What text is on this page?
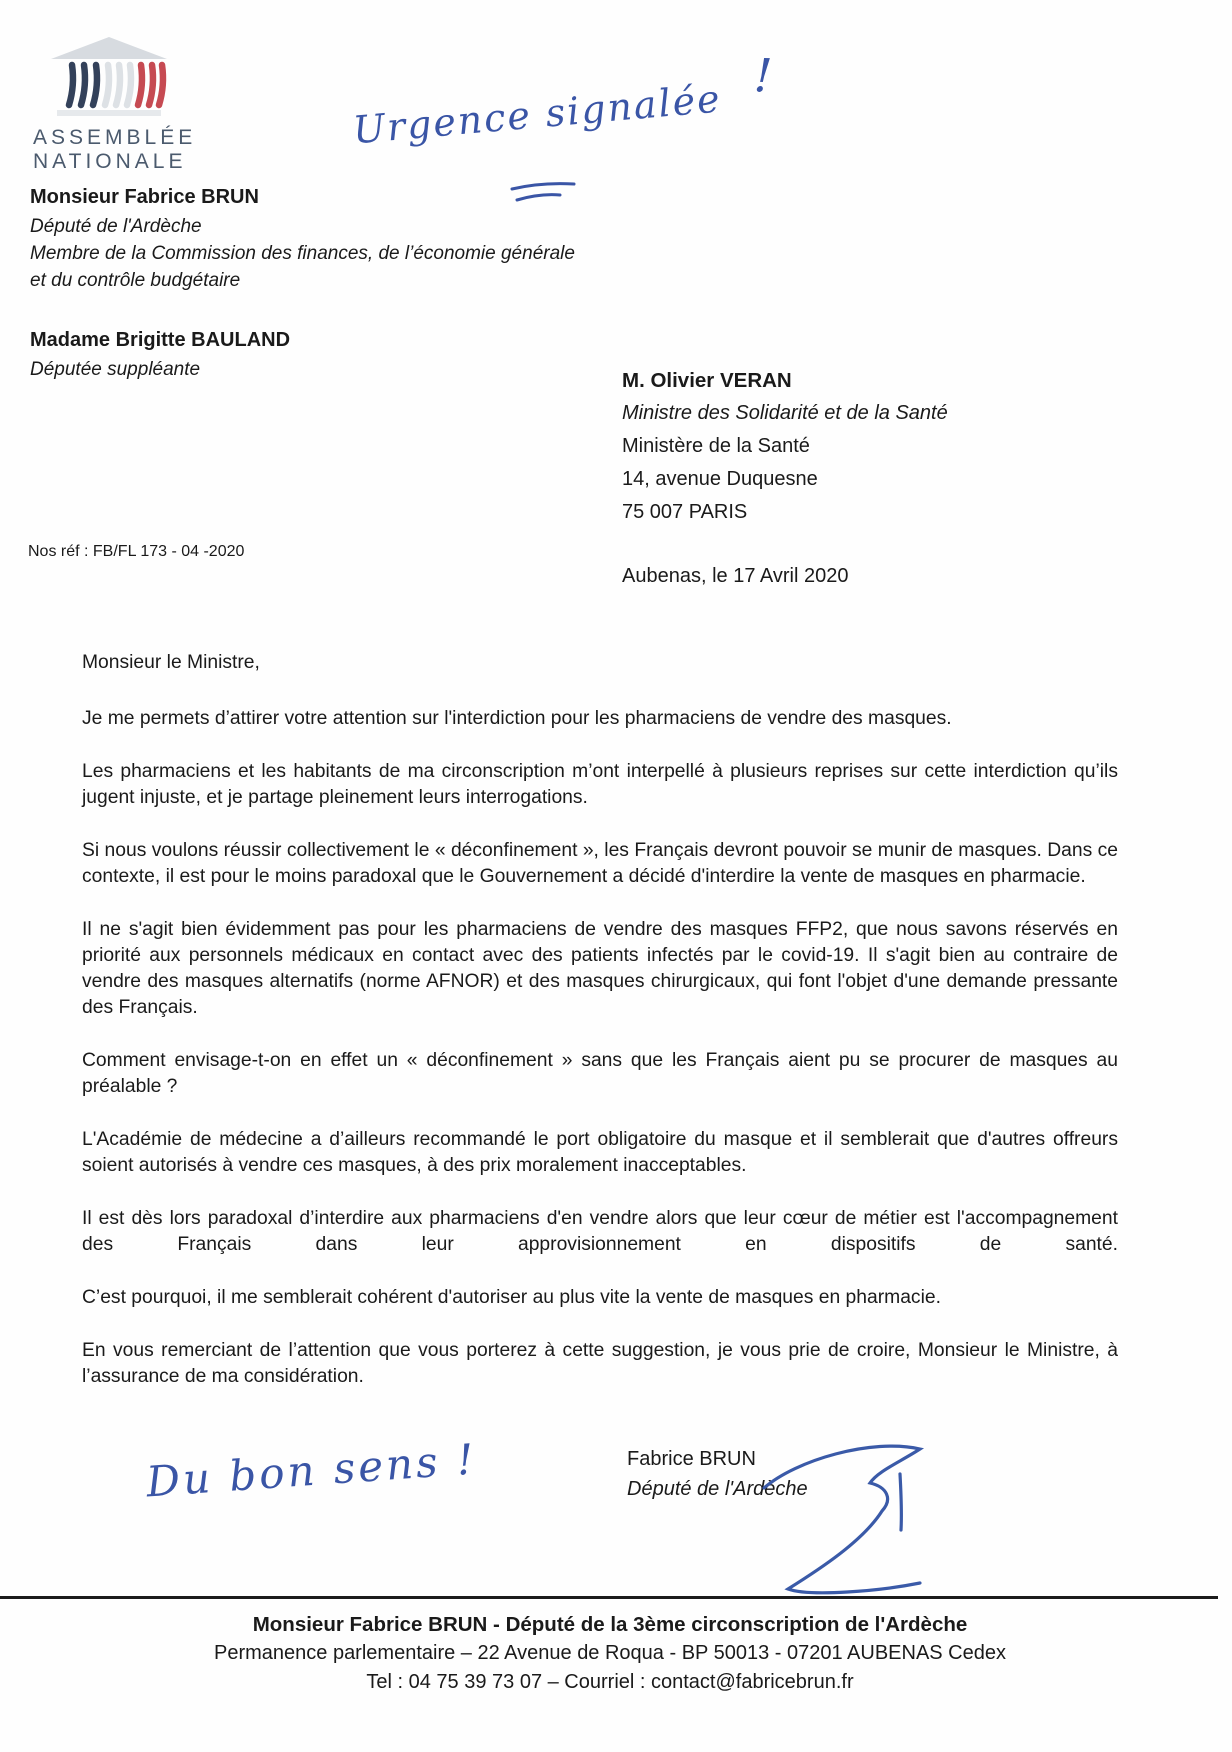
ASSEMBLÉE
NATIONALE
Urgence signalée!

Monsieur Fabrice BRUN

Député de l'Ardèche

Membre de la Commission des finances, de l’économie générale

et du contrôle budgétaire

Madame Brigitte BAULAND

Députée suppléante	M. Olivier VERAN
Ministre des Solidarité et de la Santé
Ministère de la Santé
14, avenue Duquesne
75 007 PARIS
Nos réf : FB/FL 173 - 04 -2020
Aubenas, le 17 Avril 2020

Monsieur le Ministre,

Je me permets d’attirer votre attention sur l'interdiction pour les pharmaciens de vendre des masques.

Les pharmaciens et les habitants de ma circonscription m’ont interpellé à plusieurs reprises sur cette interdiction qu’ils jugent injuste, et je partage pleinement leurs interrogations.

Si nous voulons réussir collectivement le « déconfinement », les Français devront pouvoir se munir de masques. Dans ce contexte, il est pour le moins paradoxal que le Gouvernement a décidé d'interdire la vente de masques en pharmacie.

Il ne s'agit bien évidemment pas pour les pharmaciens de vendre des masques FFP2, que nous savons réservés en priorité aux personnels médicaux en contact avec des patients infectés par le covid-19. Il s'agit bien au contraire de vendre des masques alternatifs (norme AFNOR) et des masques chirurgicaux, qui font l'objet d'une demande pressante des Français.

Comment envisage-t-on en effet un « déconfinement » sans que les Français aient pu se procurer de masques au préalable ?

L'Académie de médecine a d’ailleurs recommandé le port obligatoire du masque et il semblerait que d'autres offreurs soient autorisés à vendre ces masques, à des prix moralement inacceptables.

Il est dès lors paradoxal d’interdire aux pharmaciens d'en vendre alors que leur cœur de métier est l'accompagnement des Français dans leur approvisionnement en dispositifs de santé.

C’est pourquoi, il me semblerait cohérent d'autoriser au plus vite la vente de masques en pharmacie.

En vous remerciant de l’attention que vous porterez à cette suggestion, je vous prie de croire, Monsieur le Ministre, à l’assurance de ma considération.

Du bon sens !	Fabrice BRUN
Député de l'Ardèche
Monsieur Fabrice BRUN - Député de la 3ème circonscription de l'Ardèche
Permanence parlementaire – 22 Avenue de Roqua - BP 50013 - 07201 AUBENAS Cedex
Tel : 04 75 39 73 07 – Courriel : contact@fabricebrun.fr
